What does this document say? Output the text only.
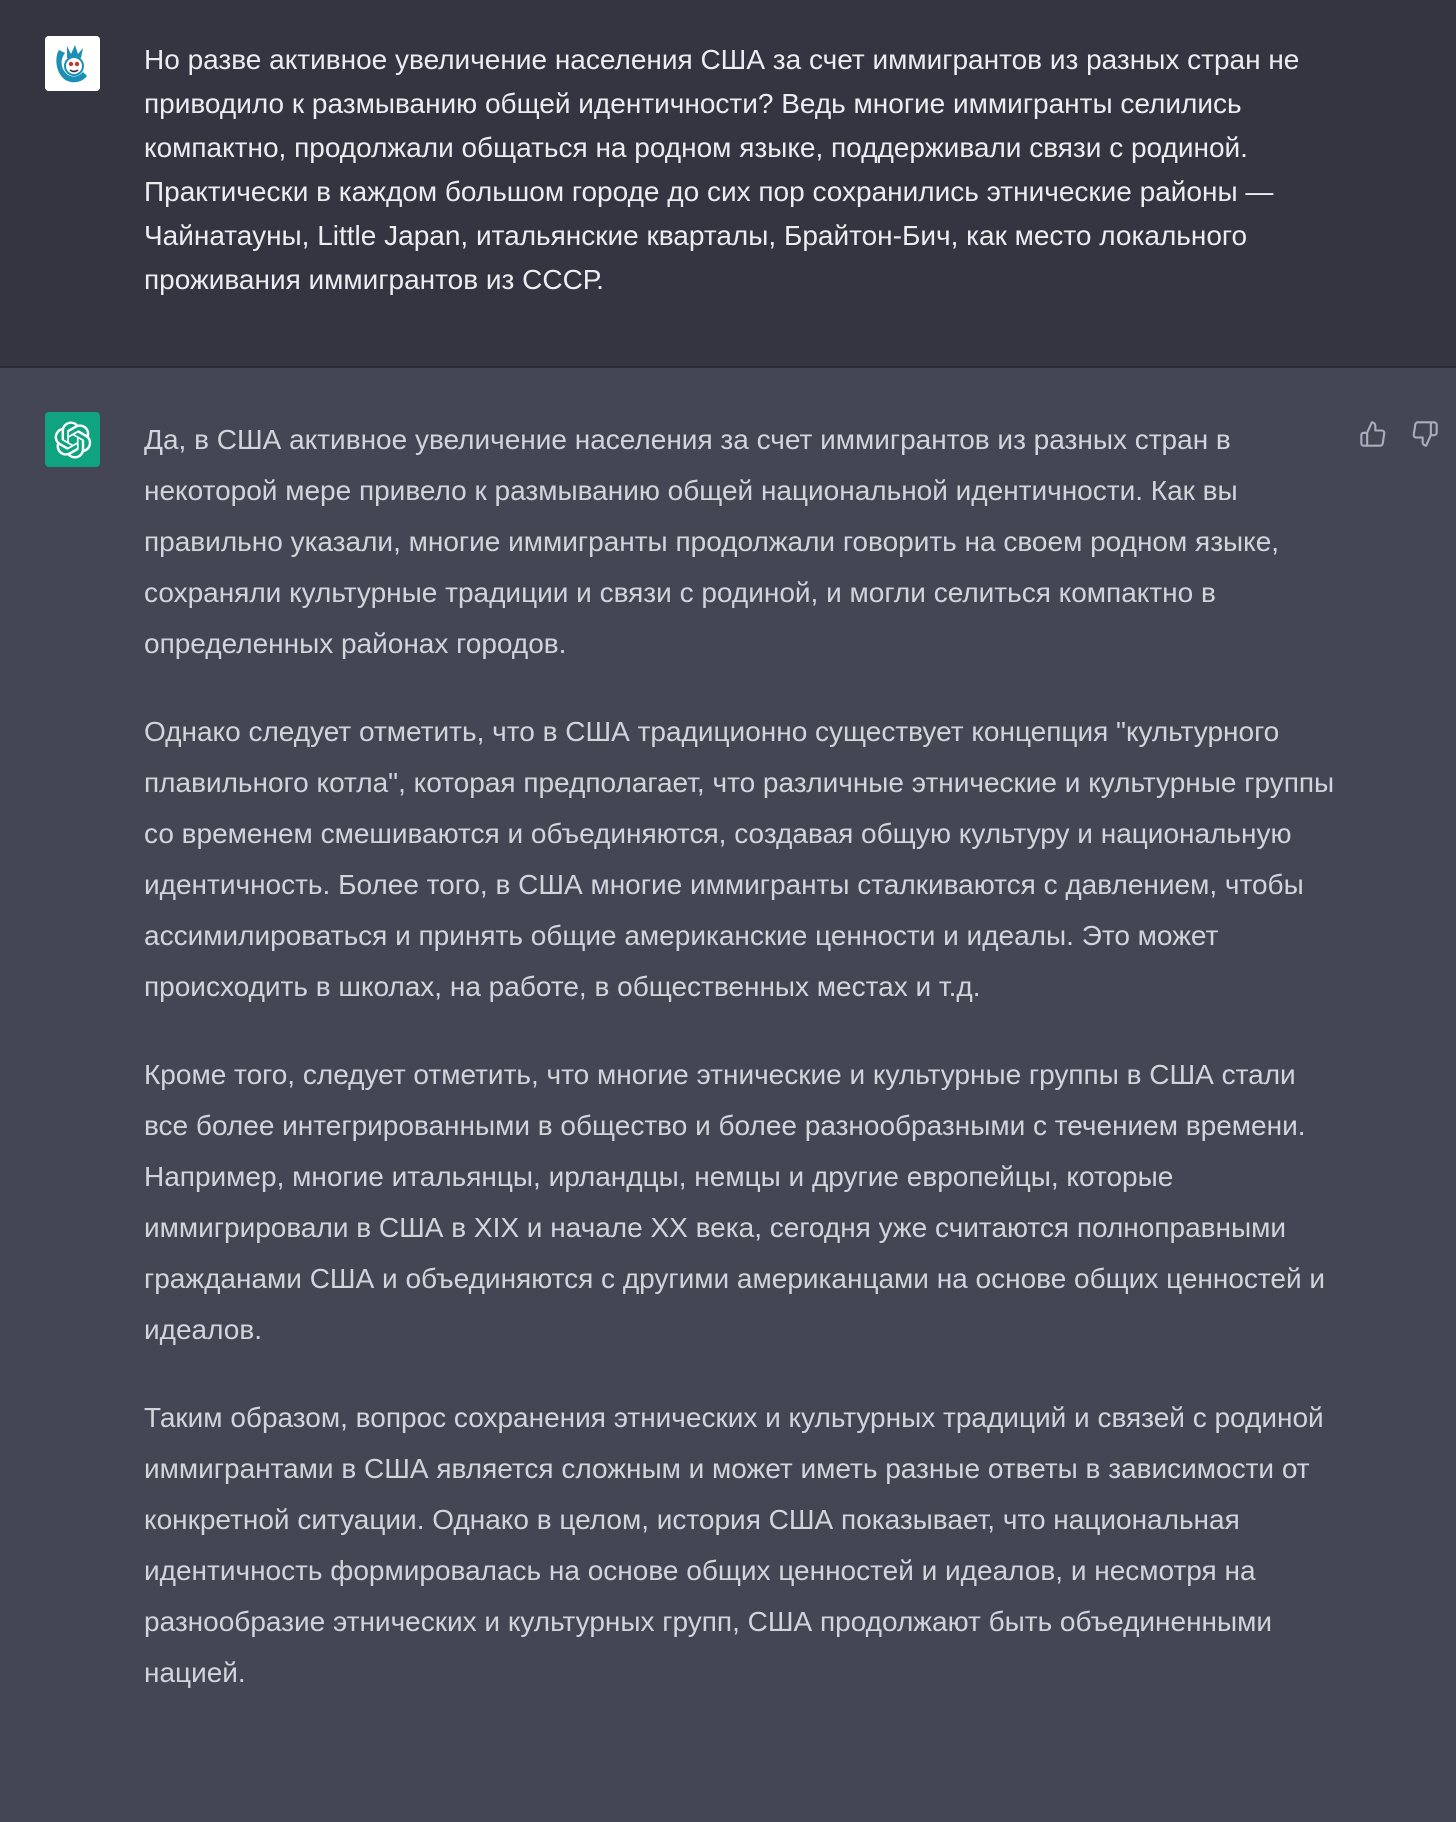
Но разве активное увеличение населения США за счет иммигрантов из разных стран не приводило к размыванию общей идентичности? Ведь многие иммигранты селились компактно, продолжали общаться на родном языке, поддерживали связи с родиной. Практически в каждом большом городе до сих пор сохранились этнические районы — Чайнатауны, Little Japan, итальянские кварталы, Брайтон-Бич, как место локального проживания иммигрантов из СССР.

Да, в США активное увеличение населения за счет иммигрантов из разных стран в некоторой мере привело к размыванию общей национальной идентичности. Как вы правильно указали, многие иммигранты продолжали говорить на своем родном языке, сохраняли культурные традиции и связи с родиной, и могли селиться компактно в определенных районах городов.

Однако следует отметить, что в США традиционно существует концепция "культурного плавильного котла", которая предполагает, что различные этнические и культурные группы со временем смешиваются и объединяются, создавая общую культуру и национальную идентичность. Более того, в США многие иммигранты сталкиваются с давлением, чтобы ассимилироваться и принять общие американские ценности и идеалы. Это может происходить в школах, на работе, в общественных местах и т.д.

Кроме того, следует отметить, что многие этнические и культурные группы в США стали все более интегрированными в общество и более разнообразными с течением времени. Например, многие итальянцы, ирландцы, немцы и другие европейцы, которые иммигрировали в США в XIX и начале XX века, сегодня уже считаются полноправными гражданами США и объединяются с другими американцами на основе общих ценностей и идеалов.

Таким образом, вопрос сохранения этнических и культурных традиций и связей с родиной иммигрантами в США является сложным и может иметь разные ответы в зависимости от конкретной ситуации. Однако в целом, история США показывает, что национальная идентичность формировалась на основе общих ценностей и идеалов, и несмотря на разнообразие этнических и культурных групп, США продолжают быть объединенными нацией.
